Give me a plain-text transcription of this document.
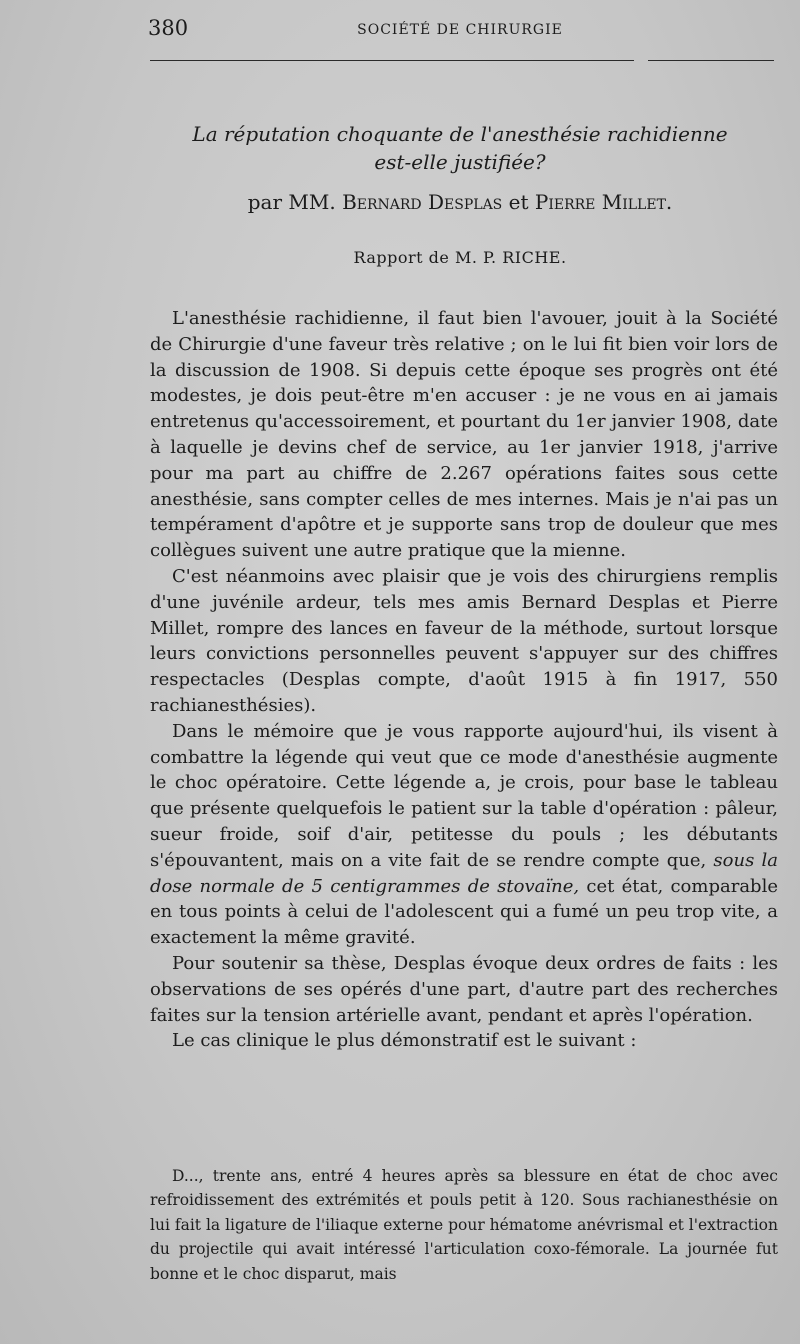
380	SOCIÉTÉ DE CHIRURGIE
La réputation choquante de l'anesthésie rachidienne
est-elle justifiée?
par MM. Bernard Desplas et Pierre Millet.
Rapport de M. P. RICHE.

L'anesthésie rachidienne, il faut bien l'avouer, jouit à la Société de Chirurgie d'une faveur très relative ; on le lui fit bien voir lors de la discussion de 1908. Si depuis cette époque ses progrès ont été modestes, je dois peut-être m'en accuser : je ne vous en ai jamais entretenus qu'accessoirement, et pourtant du 1er janvier 1908, date à laquelle je devins chef de service, au 1er janvier 1918, j'arrive pour ma part au chiffre de 2.267 opérations faites sous cette anesthésie, sans compter celles de mes internes. Mais je n'ai pas un tempérament d'apôtre et je supporte sans trop de douleur que mes collègues suivent une autre pratique que la mienne.

C'est néanmoins avec plaisir que je vois des chirurgiens remplis d'une juvénile ardeur, tels mes amis Bernard Desplas et Pierre Millet, rompre des lances en faveur de la méthode, surtout lorsque leurs convictions personnelles peuvent s'appuyer sur des chiffres respectacles (Desplas compte, d'août 1915 à fin 1917, 550 rachianesthésies).

Dans le mémoire que je vous rapporte aujourd'hui, ils visent à combattre la légende qui veut que ce mode d'anesthésie augmente le choc opératoire. Cette légende a, je crois, pour base le tableau que présente quelquefois le patient sur la table d'opération : pâleur, sueur froide, soif d'air, petitesse du pouls ; les débutants s'épouvantent, mais on a vite fait de se rendre compte que, sous la dose normale de 5 centigrammes de stovaïne, cet état, comparable en tous points à celui de l'adolescent qui a fumé un peu trop vite, a exactement la même gravité.

Pour soutenir sa thèse, Desplas évoque deux ordres de faits : les observations de ses opérés d'une part, d'autre part des recherches faites sur la tension artérielle avant, pendant et après l'opération.

Le cas clinique le plus démonstratif est le suivant :

D..., trente ans, entré 4 heures après sa blessure en état de choc avec refroidissement des extrémités et pouls petit à 120. Sous rachianesthésie on lui fait la ligature de l'iliaque externe pour hématome anévrismal et l'extraction du projectile qui avait intéressé l'articulation coxo-fémorale. La journée fut bonne et le choc disparut, mais
